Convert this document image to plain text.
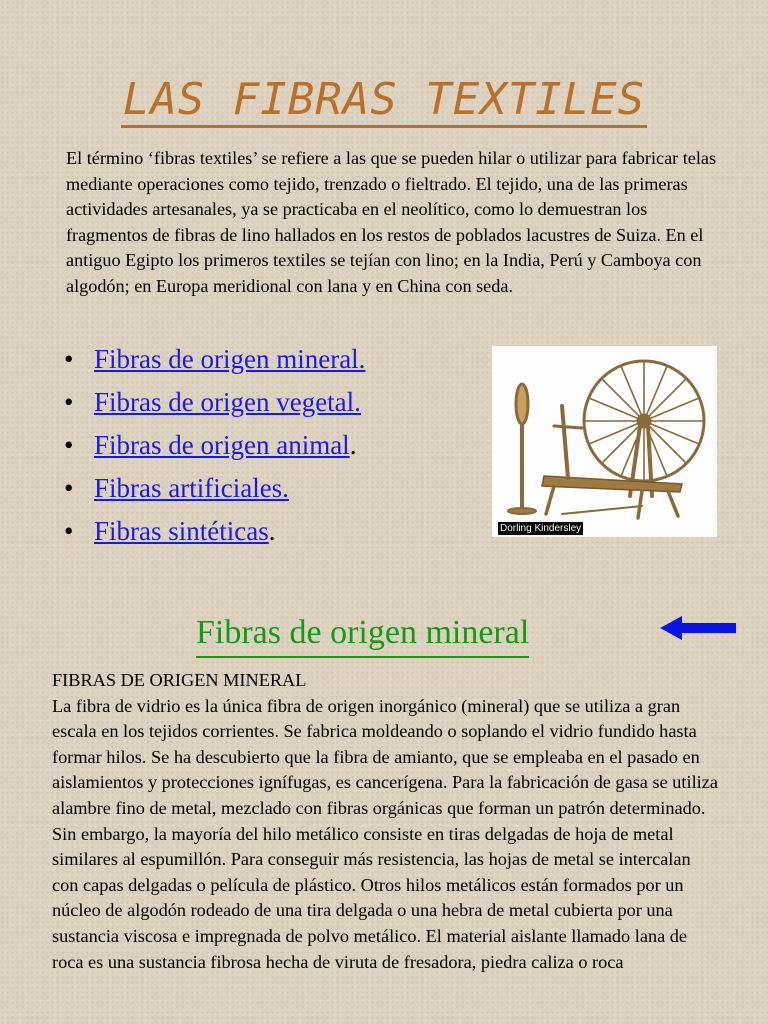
LAS FIBRAS TEXTILES
El término ‘fibras textiles’ se refiere a las que se pueden hilar o utilizar para fabricar telas mediante operaciones como tejido, trenzado o fieltrado. El tejido, una de las primeras actividades artesanales, ya se practicaba en el neolítico, como lo demuestran los fragmentos de fibras de lino hallados en los restos de poblados lacustres de Suiza. En el antiguo Egipto los primeros textiles se tejían con lino; en la India, Perú y Camboya con algodón; en Europa meridional con lana y en China con seda.
• Fibras de origen mineral.
• Fibras de origen vegetal.
• Fibras de origen animal.
• Fibras artificiales.
• Fibras sintéticas.	Dorling Kindersley
Fibras de origen mineral
FIBRAS DE ORIGEN MINERAL
La fibra de vidrio es la única fibra de origen inorgánico (mineral) que se utiliza a gran escala en los tejidos corrientes. Se fabrica moldeando o soplando el vidrio fundido hasta formar hilos. Se ha descubierto que la fibra de amianto, que se empleaba en el pasado en aislamientos y protecciones ignífugas, es cancerígena. Para la fabricación de gasa se utiliza alambre fino de metal, mezclado con fibras orgánicas que forman un patrón determinado. Sin embargo, la mayoría del hilo metálico consiste en tiras delgadas de hoja de metal similares al espumillón. Para conseguir más resistencia, las hojas de metal se intercalan con capas delgadas o película de plástico. Otros hilos metálicos están formados por un núcleo de algodón rodeado de una tira delgada o una hebra de metal cubierta por una sustancia viscosa e impregnada de polvo metálico. El material aislante llamado lana de roca es una sustancia fibrosa hecha de viruta de fresadora, piedra caliza o roca
